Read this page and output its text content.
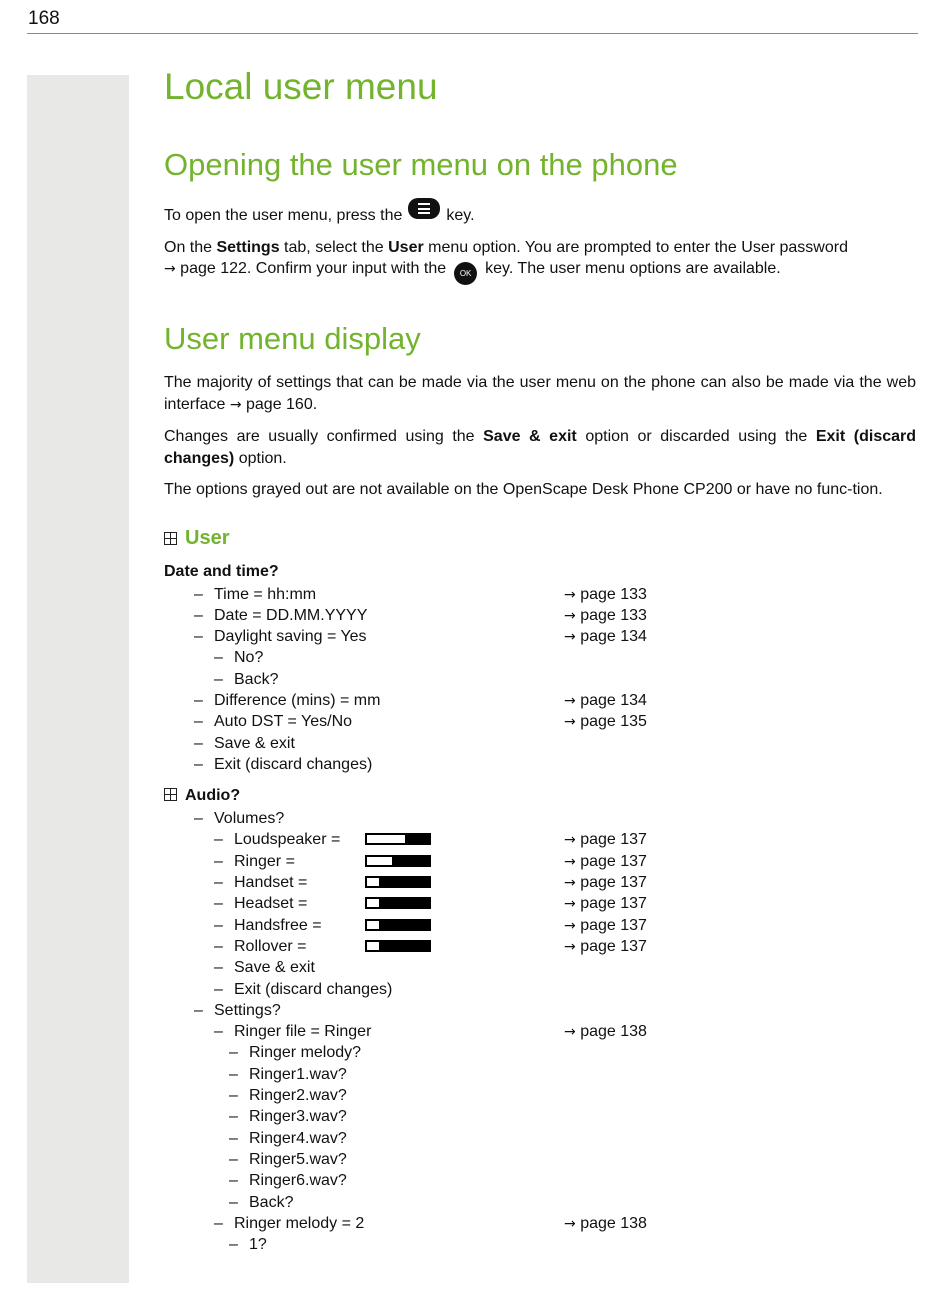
168
Local user menu
Opening the user menu on the phone

To open the user menu, press the	key.

On the Settings tab, select the User menu option. You are prompted to enter the User password
→ page 122. Confirm your input with the OK key. The user menu options are available.

User menu display

The majority of settings that can be made via the user menu on the phone can also be made via the web interface → page 160.

Changes are usually confirmed using the Save & exit option or discarded using the Exit (discard changes) option.

The options grayed out are not available on the OpenScape Desk Phone CP200 or have no func-tion.

User
Date and time?
– Time = hh:mm	→ page 133
– Date = DD.MM.YYYY	→ page 133
– Daylight saving = Yes	→ page 134
– No?
– Back?
– Difference (mins) = mm	→ page 134
– Auto DST = Yes/No	→ page 135
– Save & exit
– Exit (discard changes)
Audio?
– Volumes?
– Loudspeaker =	→ page 137
– Ringer =	→ page 137
– Handset =	→ page 137
– Headset =	→ page 137
– Handsfree =	→ page 137
– Rollover =	→ page 137
– Save & exit
– Exit (discard changes)
– Settings?
– Ringer file = Ringer	→ page 138
– Ringer melody?
– Ringer1.wav?
– Ringer2.wav?
– Ringer3.wav?
– Ringer4.wav?
– Ringer5.wav?
– Ringer6.wav?
– Back?
– Ringer melody = 2	→ page 138
– 1?
